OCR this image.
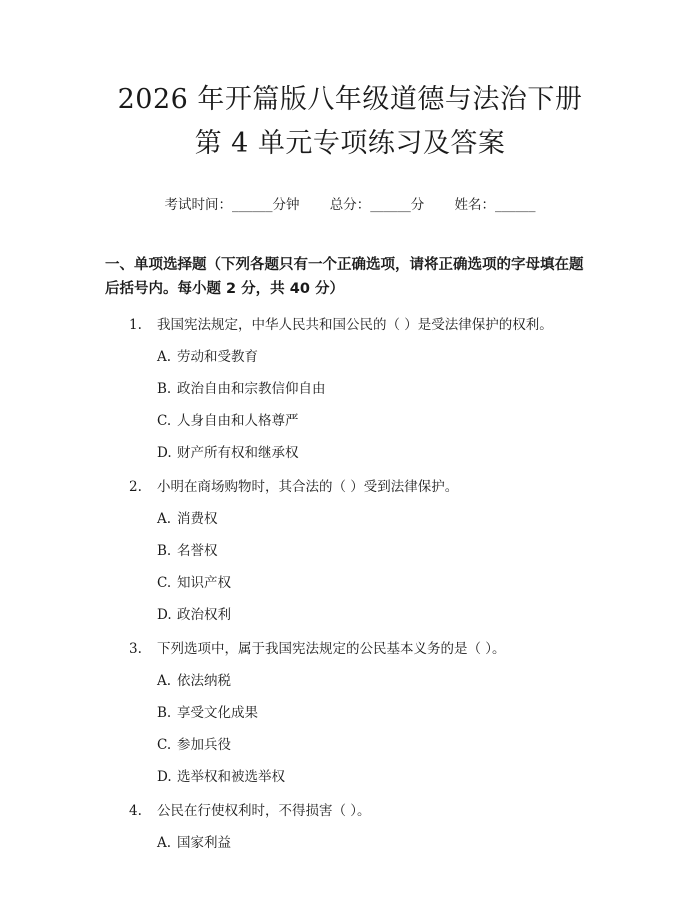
2026 年开篇版八年级道德与法治下册第 4 单元专项练习及答案
考试时间：______分钟 总分：______分 姓名：______
一、单项选择题（下列各题只有一个正确选项，请将正确选项的字母填在题后括号内。每小题 2 分，共 40 分）
1. 我国宪法规定，中华人民共和国公民的（ ）是受法律保护的权利。
A. 劳动和受教育
B. 政治自由和宗教信仰自由
C. 人身自由和人格尊严
D. 财产所有权和继承权
2. 小明在商场购物时，其合法的（ ）受到法律保护。
A. 消费权
B. 名誉权
C. 知识产权
D. 政治权利
3. 下列选项中，属于我国宪法规定的公民基本义务的是（ ）。
A. 依法纳税
B. 享受文化成果
C. 参加兵役
D. 选举权和被选举权
4. 公民在行使权利时，不得损害（ ）。
A. 国家利益
